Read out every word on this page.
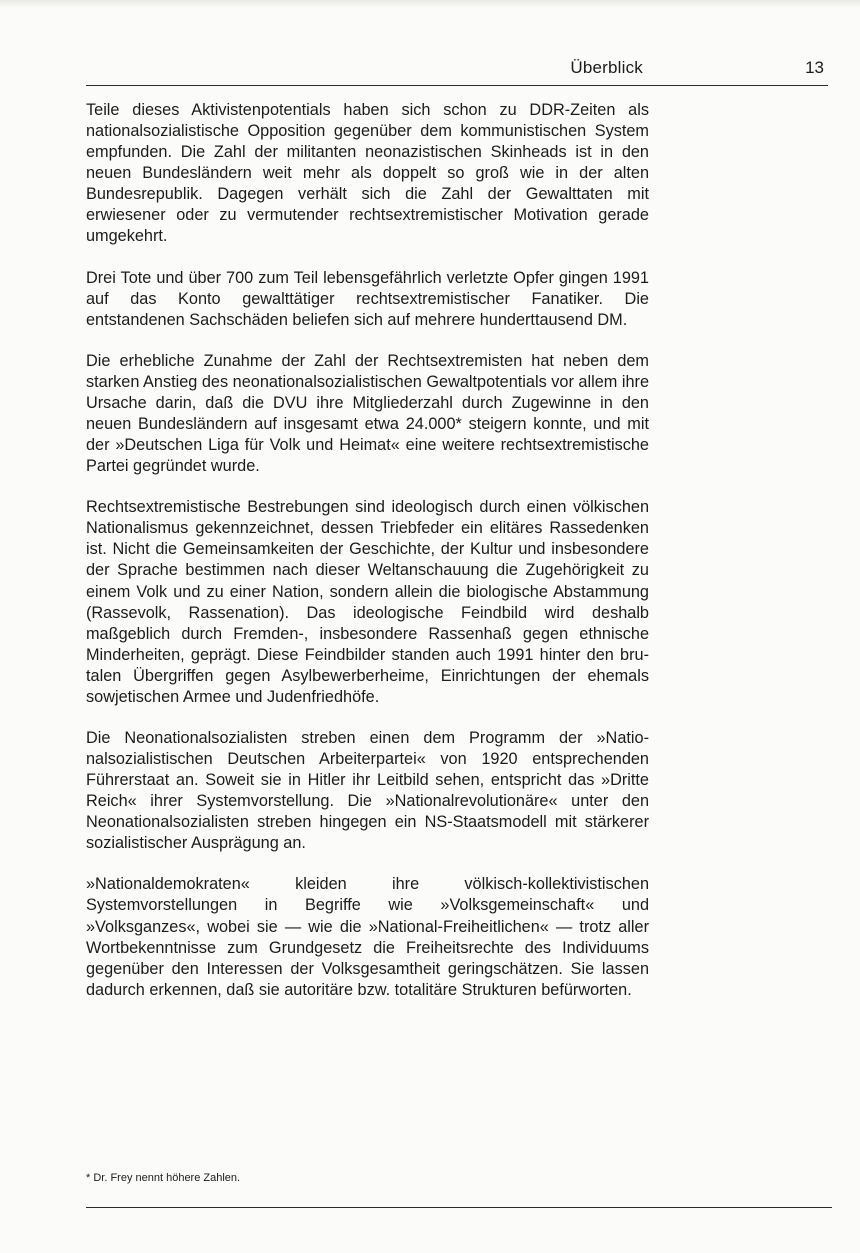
Überblick	13

Teile dieses Aktivistenpotentials haben sich schon zu DDR-Zeiten als nationalsozialistische Opposition gegenüber dem kommunistischen System empfunden. Die Zahl der militanten neonazistischen Skinheads ist in den neuen Bundesländern weit mehr als doppelt so groß wie in der alten Bundesrepublik. Dagegen verhält sich die Zahl der Gewalttaten mit erwiesener oder zu vermutender rechtsextremistischer Motivation gerade umgekehrt.

Drei Tote und über 700 zum Teil lebensgefährlich verletzte Opfer gingen 1991 auf das Konto gewalttätiger rechtsextremistischer Fanatiker. Die entstandenen Sachschäden beliefen sich auf mehrere hunderttausend DM.

Die erhebliche Zunahme der Zahl der Rechtsextremisten hat neben dem starken Anstieg des neonationalsozialistischen Gewaltpotentials vor allem ihre Ursache darin, daß die DVU ihre Mitgliederzahl durch Zugewinne in den neuen Bundesländern auf insgesamt etwa 24.000* steigern konnte, und mit der »Deutschen Liga für Volk und Heimat« eine weitere rechtsextremistische Partei gegründet wurde.

Rechtsextremistische Bestrebungen sind ideologisch durch einen völkischen Nationalismus gekennzeichnet, dessen Triebfeder ein elitäres Rassedenken ist. Nicht die Gemeinsamkeiten der Geschichte, der Kultur und insbesondere der Sprache bestimmen nach dieser Weltanschauung die Zugehörigkeit zu einem Volk und zu einer Nation, sondern allein die biologische Abstammung (Rassevolk, Rassenation). Das ideologische Feindbild wird deshalb maßgeblich durch Fremden-, insbesondere Rassenhaß gegen ethnische Minderheiten, geprägt. Diese Feindbilder standen auch 1991 hinter den brutalen Übergriffen gegen Asylbewerberheime, Einrichtungen der ehemals sowjetischen Armee und Judenfriedhöfe.

Die Neonationalsozialisten streben einen dem Programm der »Nationalsozialistischen Deutschen Arbeiterpartei« von 1920 entsprechenden Führerstaat an. Soweit sie in Hitler ihr Leitbild sehen, entspricht das »Dritte Reich« ihrer Systemvorstellung. Die »Nationalrevolutionäre« unter den Neonationalsozialisten streben hingegen ein NS-Staatsmodell mit stärkerer sozialistischer Ausprägung an.

»Nationaldemokraten« kleiden ihre völkisch-kollektivistischen Systemvorstellungen in Begriffe wie »Volksgemeinschaft« und »Volksganzes«, wobei sie — wie die »National-Freiheitlichen« — trotz aller Wortbekenntnisse zum Grundgesetz die Freiheitsrechte des Individuums gegenüber den Interessen der Volksgesamtheit geringschätzen. Sie lassen dadurch erkennen, daß sie autoritäre bzw. totalitäre Strukturen befürworten.

* Dr. Frey nennt höhere Zahlen.
